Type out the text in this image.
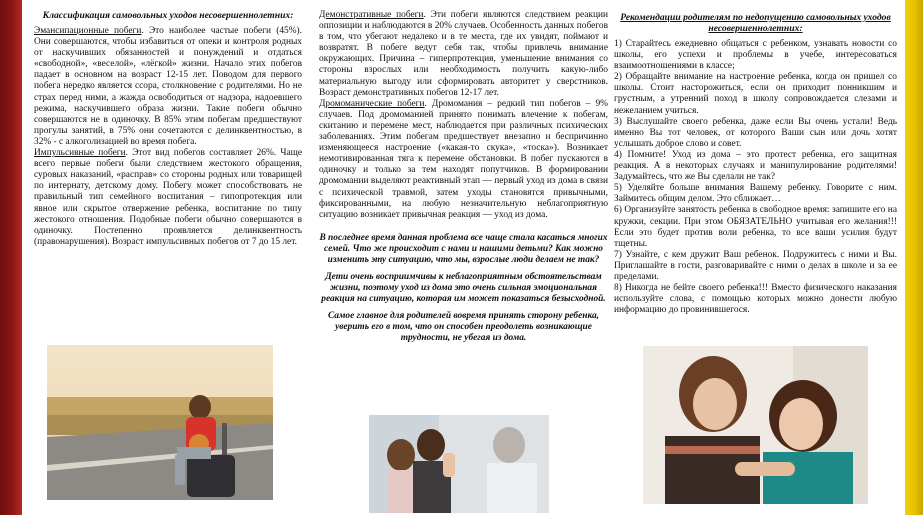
Классификация самовольных уходов несовершеннолетних:

Эмансипационные побеги. Это наиболее частые побеги (45%). Они совершаются, чтобы избавиться от опеки и контроля родных от наскучивших обязанностей и понуждений и отдаться «свободной», «веселой», «лёгкой» жизни. Начало этих побегов падает в основном на возраст 12-15 лет. Поводом для первого побега нередко является ссора, столкновение с родителями. Но не страх перед ними, а жажда освободиться от надзора, надоевшего режима, наскучившего образа жизни. Такие побеги обычно совершаются не в одиночку. В 85% этим побегам предшествуют прогулы занятий, в 75% они сочетаются с делинквентностью, в 32% - с алкоголизацией во время побега.

Импульсивные побеги. Этот вид побегов составляет 26%. Чаще всего первые побеги были следствием жестокого обращения, суровых наказаний, «расправ» со стороны родных или товарищей по интернату, детскому дому. Побегу может способствовать не правильный тип семейного воспитания – гипопротекция или явное или скрытое отвержение ребенка, воспитание по типу жестокого отношения. Подобные побеги обычно совершаются в одиночку. Постепенно проявляется делинквентность (правонарушения). Возраст импульсивных побегов от 7 до 15 лет.

Демонстративные побеги. Эти побеги являются следствием реакции оппозиции и наблюдаются в 20% случаев. Особенность данных побегов в том, что убегают недалеко и в те места, где их увидят, поймают и возвратят. В побеге ведут себя так, чтобы привлечь внимание окружающих. Причина – гиперпротекция, уменьшение внимания со стороны взрослых или необходимость получить какую-либо материальную выгоду или сформировать авторитет у сверстников. Возраст демонстративных побегов 12-17 лет.

Дромоманические побеги. Дромомания – редкий тип побегов – 9% случаев. Под дромоманией принято понимать влечение к побегам, скитанию и перемене мест, наблюдается при различных психических заболеваниях. Этим побегам предшествует внезапно и беспричинно изменяющееся настроение («какая-то скука», «тоска»). Возникает немотивированная тяга к перемене обстановки. В побег пускаются в одиночку и только за тем находят попутчиков. В формировании дромомании выделяют реактивный этап — первый уход из дома в связи с психической травмой, затем уходы становятся привычными, фиксированными, на любую незначительную неблагоприятную ситуацию возникает привычная реакция — уход из дома.

В последнее время данная проблема все чаще стала касаться многих семей. Что же происходит с нами и нашими детьми? Как можно изменить эту ситуацию, что мы, взрослые люди делаем не так?

Дети очень восприимчивы к неблагоприятным обстоятельствам жизни, поэтому уход из дома это очень сильная эмоциональная реакция на ситуацию, которая им может показаться безысходной.

Самое главное для родителей вовремя принять сторону ребенка, уверить его в том, что он способен преодолеть возникающие трудности, не убегая из дома.

Рекомендации родителям по недопущению самовольных уходов несовершеннолетних:

1) Старайтесь ежедневно общаться с ребенком, узнавать новости со школы, его успехи и проблемы в учебе, интересоваться взаимоотношениями в классе;

2) Обращайте внимание на настроение ребенка, когда он пришел со школы. Стоит насторожиться, если он приходит понникшим и грустным, а утренний поход в школу сопровождается слезами и нежеланием учиться.

3) Выслушайте своего ребенка, даже если Вы очень устали! Ведь именно Вы тот человек, от которого Ваши сын или дочь хотят услышать доброе слово и совет.

4) Помните! Уход из дома – это протест ребенка, его защитная реакция. А в некоторых случаях и манипулирование родителями! Задумайтесь, что же Вы сделали не так?

5) Уделяйте больше внимания Вашему ребенку. Говорите с ним. Займитесь общим делом. Это сближает…

6) Организуйте занятость ребенка в свободное время: запишите его на кружки, секции. При этом ОБЯЗАТЕЛЬНО учитывая его желания!!! Если это будет против воли ребенка, то все ваши усилия будут тщетны.

7) Узнайте, с кем дружит Ваш ребенок. Подружитесь с ними и Вы. Приглашайте в гости, разговаривайте с ними о делах в школе и за ее пределами.

8) Никогда не бейте своего ребенка!!! Вместо физического наказания используйте слова, с помощью которых можно донести любую информацию до провинившегося.
